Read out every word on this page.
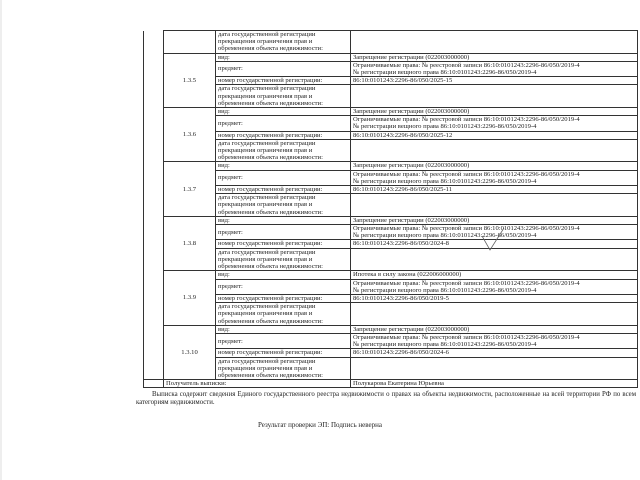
		дата государственной регистрации прекращения ограничения прав и обременения объекта недвижимости:	
	1.3.5	вид:	Запрещение регистрации (022003000000)
		предмет:	Ограничиваемые права: № реестровой записи 86:10:0101243:2296-86/050/2019-4
№ регистрации вещного права 86:10:0101243:2296-86/050/2019-4

		номер государственной регистрации:	86:10:0101243:2296-86/050/2025-15
		дата государственной регистрации прекращения ограничения прав и обременения объекта недвижимости:	
	1.3.6	вид:	Запрещение регистрации (022003000000)
		предмет:	Ограничиваемые права: № реестровой записи 86:10:0101243:2296-86/050/2019-4
№ регистрации вещного права 86:10:0101243:2296-86/050/2019-4

		номер государственной регистрации:	86:10:0101243:2296-86/050/2025-12
		дата государственной регистрации прекращения ограничения прав и обременения объекта недвижимости:	
	1.3.7	вид:	Запрещение регистрации (022003000000)
		предмет:	Ограничиваемые права: № реестровой записи 86:10:0101243:2296-86/050/2019-4
№ регистрации вещного права 86:10:0101243:2296-86/050/2019-4

		номер государственной регистрации:	86:10:0101243:2296-86/050/2025-11
		дата государственной регистрации прекращения ограничения прав и обременения объекта недвижимости:	
	1.3.8	вид:	Запрещение регистрации (022003000000)
		предмет:	Ограничиваемые права: № реестровой записи 86:10:0101243:2296-86/050/2019-4
№ регистрации вещного права 86:10:0101243:2296-86/050/2019-4

		номер государственной регистрации:	86:10:0101243:2296-86/050/2024-8
		дата государственной регистрации прекращения ограничения прав и обременения объекта недвижимости:	
	1.3.9	вид:	Ипотека в силу закона (022006000000)
		предмет:	Ограничиваемые права: № реестровой записи 86:10:0101243:2296-86/050/2019-4
№ регистрации вещного права 86:10:0101243:2296-86/050/2019-4

		номер государственной регистрации:	86:10:0101243:2296-86/050/2019-5
		дата государственной регистрации прекращения ограничения прав и обременения объекта недвижимости:	
	1.3.10	вид:	Запрещение регистрации (022003000000)
		предмет:	Ограничиваемые права: № реестровой записи 86:10:0101243:2296-86/050/2019-4
№ регистрации вещного права 86:10:0101243:2296-86/050/2019-4

		номер государственной регистрации:	86:10:0101243:2296-86/050/2024-6
		дата государственной регистрации прекращения ограничения прав и обременения объекта недвижимости:	
	Получатель выписки:		Полукарова Екатерина Юрьевна
Выписка содержит сведения Единого государственного реестра недвижимости о правах на объекты недвижимости, расположенные на всей территории РФ по всем категориям недвижимости.
Результат проверки ЭП: Подпись неверна
